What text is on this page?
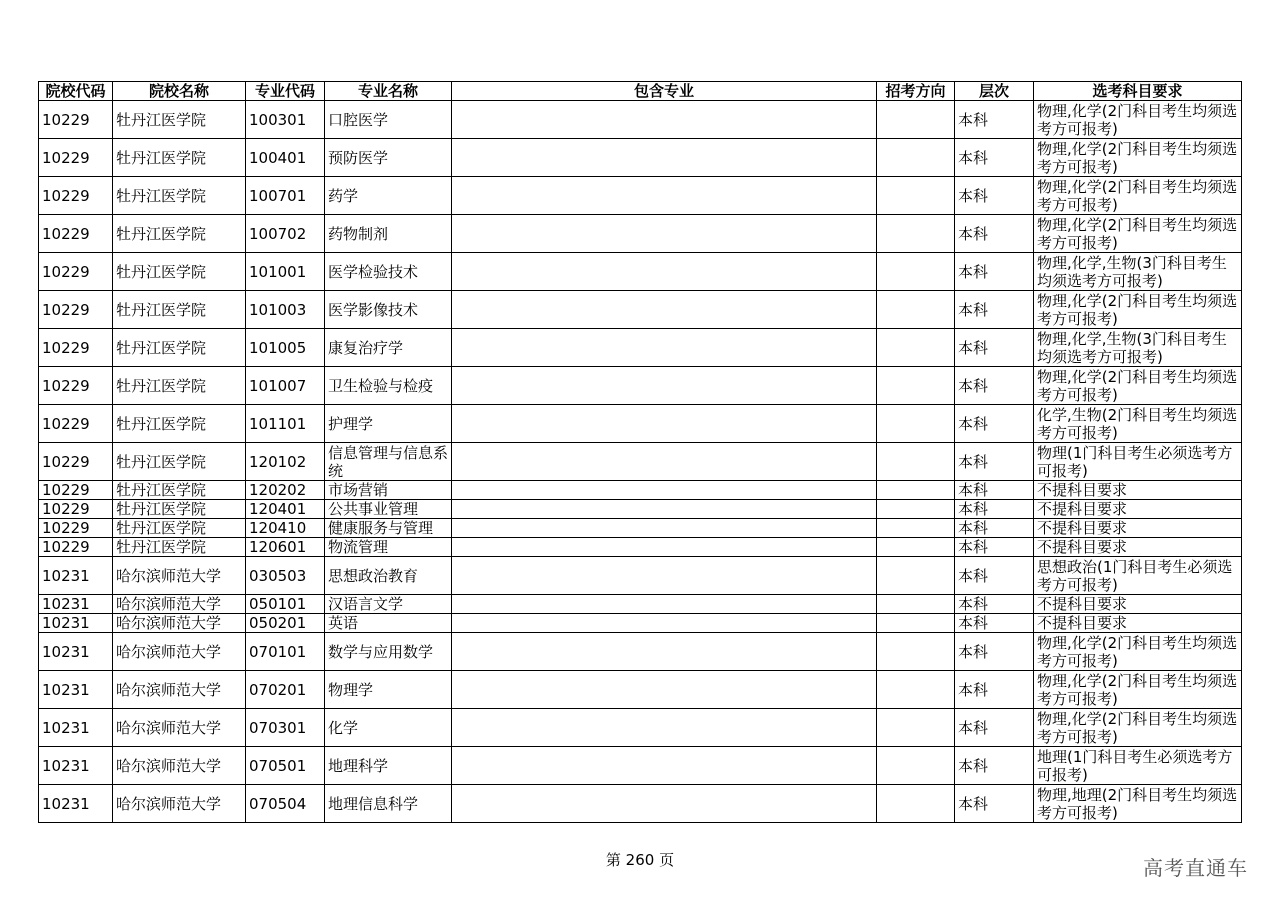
院校代码	院校名称	专业代码	专业名称	包含专业	招考方向	层次	选考科目要求
10229	牡丹江医学院	100301	口腔医学			本科	物理,化学(2门科目考生均须选考方可报考)
10229	牡丹江医学院	100401	预防医学			本科	物理,化学(2门科目考生均须选考方可报考)
10229	牡丹江医学院	100701	药学			本科	物理,化学(2门科目考生均须选考方可报考)
10229	牡丹江医学院	100702	药物制剂			本科	物理,化学(2门科目考生均须选考方可报考)
10229	牡丹江医学院	101001	医学检验技术			本科	物理,化学,生物(3门科目考生均须选考方可报考)
10229	牡丹江医学院	101003	医学影像技术			本科	物理,化学(2门科目考生均须选考方可报考)
10229	牡丹江医学院	101005	康复治疗学			本科	物理,化学,生物(3门科目考生均须选考方可报考)
10229	牡丹江医学院	101007	卫生检验与检疫			本科	物理,化学(2门科目考生均须选考方可报考)
10229	牡丹江医学院	101101	护理学			本科	化学,生物(2门科目考生均须选考方可报考)
10229	牡丹江医学院	120102	信息管理与信息系统			本科	物理(1门科目考生必须选考方可报考)
10229	牡丹江医学院	120202	市场营销			本科	不提科目要求
10229	牡丹江医学院	120401	公共事业管理			本科	不提科目要求
10229	牡丹江医学院	120410	健康服务与管理			本科	不提科目要求
10229	牡丹江医学院	120601	物流管理			本科	不提科目要求
10231	哈尔滨师范大学	030503	思想政治教育			本科	思想政治(1门科目考生必须选考方可报考)
10231	哈尔滨师范大学	050101	汉语言文学			本科	不提科目要求
10231	哈尔滨师范大学	050201	英语			本科	不提科目要求
10231	哈尔滨师范大学	070101	数学与应用数学			本科	物理,化学(2门科目考生均须选考方可报考)
10231	哈尔滨师范大学	070201	物理学			本科	物理,化学(2门科目考生均须选考方可报考)
10231	哈尔滨师范大学	070301	化学			本科	物理,化学(2门科目考生均须选考方可报考)
10231	哈尔滨师范大学	070501	地理科学			本科	地理(1门科目考生必须选考方可报考)
10231	哈尔滨师范大学	070504	地理信息科学			本科	物理,地理(2门科目考生均须选考方可报考)
第 260 页	高考直通车
